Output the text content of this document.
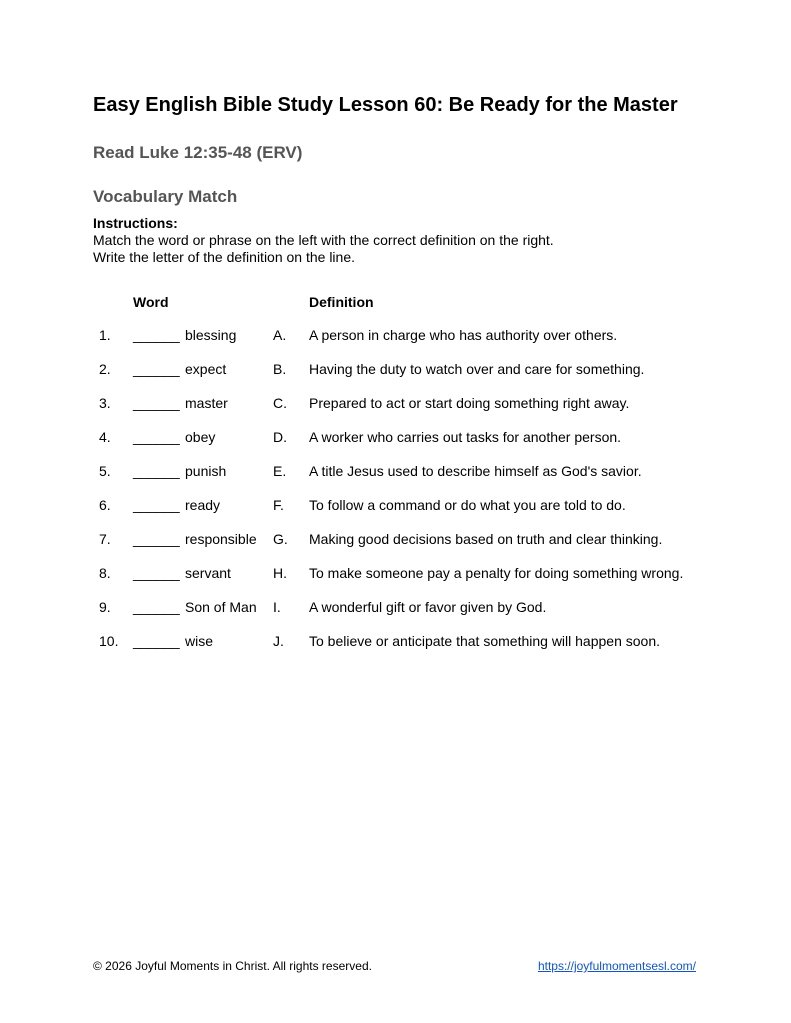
Easy English Bible Study Lesson 60: Be Ready for the Master
Read Luke 12:35-48 (ERV)
Vocabulary Match
Instructions:
Match the word or phrase on the left with the correct definition on the right.
Write the letter of the definition on the line.
Word	Definition
1. ______ blessing	A. A person in charge who has authority over others.
2. ______ expect	B. Having the duty to watch over and care for something.
3. ______ master	C. Prepared to act or start doing something right away.
4. ______ obey	D. A worker who carries out tasks for another person.
5. ______ punish	E. A title Jesus used to describe himself as God's savior.
6. ______ ready	F. To follow a command or do what you are told to do.
7. ______ responsible G. Making good decisions based on truth and clear thinking.
8. ______ servant	H. To make someone pay a penalty for doing something wrong.
9. ______ Son of Man I. A wonderful gift or favor given by God.
10. ______ wise	J. To believe or anticipate that something will happen soon.
© 2026 Joyful Moments in Christ. All rights reserved.	https://joyfulmomentsesl.com/
